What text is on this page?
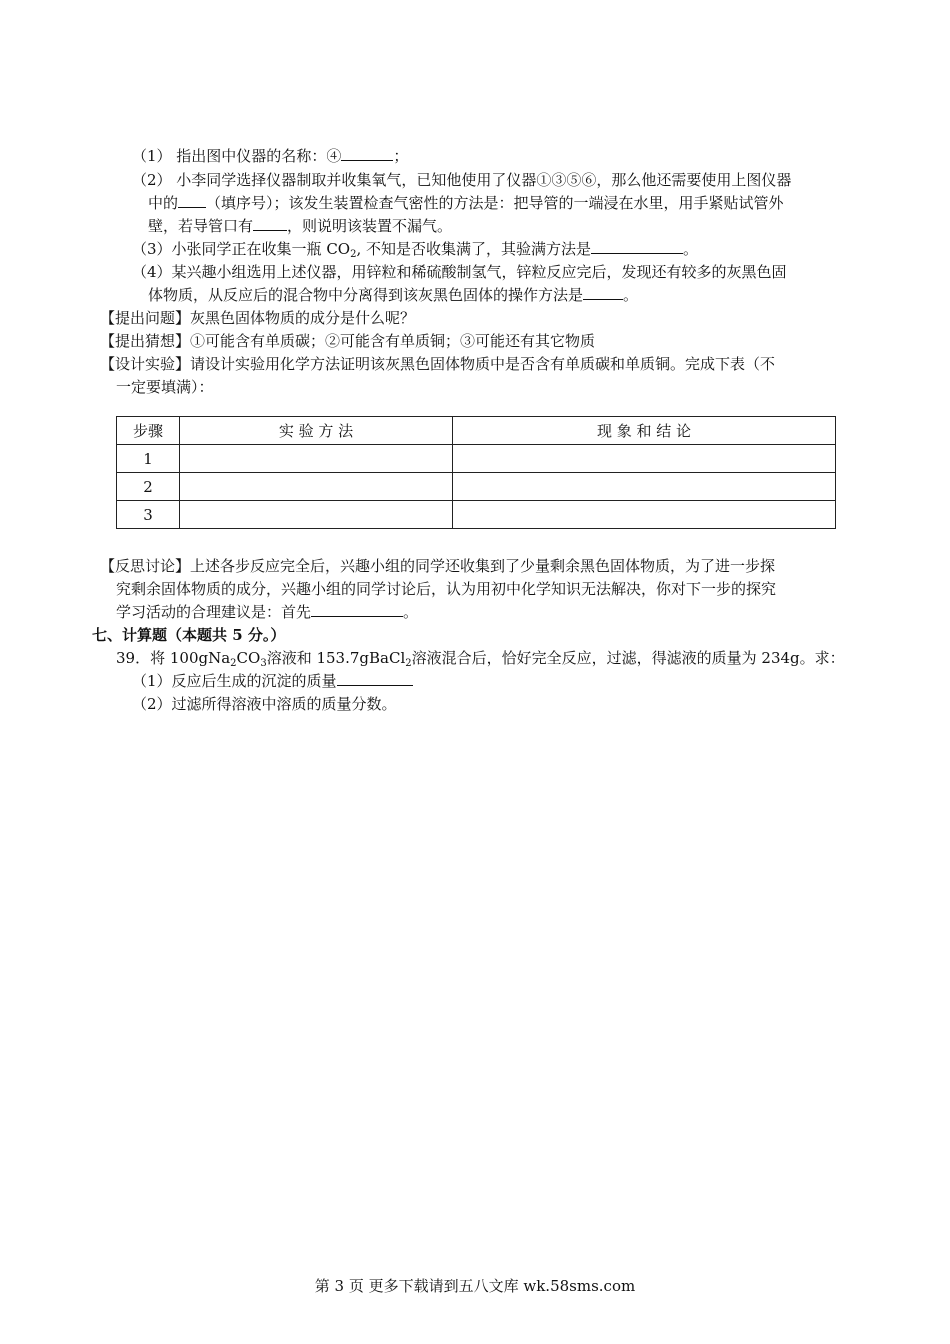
（1） 指出图中仪器的名称：④	；
（2） 小李同学选择仪器制取并收集氧气，已知他使用了仪器①③⑤⑥，那么他还需要使用上图仪器
中的 （填序号）；该发生装置检查气密性的方法是：把导管的一端浸在水里，用手紧贴试管外
壁，若导管口有 ，则说明该装置不漏气。
（3）小张同学正在收集一瓶 $CO_2$, 不知是否收集满了，其验满方法是	。
（4）某兴趣小组选用上述仪器，用锌粒和稀硫酸制氢气，锌粒反应完后，发现还有较多的灰黑色固
体物质，从反应后的混合物中分离得到该灰黑色固体的操作方法是	。
【提出问题】灰黑色固体物质的成分是什么呢？
【提出猜想】①可能含有单质碳；②可能含有单质铜；③可能还有其它物质
【设计实验】请设计实验用化学方法证明该灰黑色固体物质中是否含有单质碳和单质铜。完成下表（不
一定要填满）：
步骤	实 验 方 法	现 象 和 结 论
1		
2		
3		
【反思讨论】上述各步反应完全后，兴趣小组的同学还收集到了少量剩余黑色固体物质，为了进一步探
究剩余固体物质的成分，兴趣小组的同学讨论后，认为用初中化学知识无法解决，你对下一步的探究
学习活动的合理建议是：首先	。
七、计算题（本题共 5 分。）
39．将 $100gNa_2CO_3$溶液和 153.7gBaCl$_2$溶液混合后，恰好完全反应，过滤，得滤液的质量为 234g。求：
（1）反应后生成的沉淀的质量
（2）过滤所得溶液中溶质的质量分数。
第 3 页 更多下载请到五八文库 wk.58sms.com
